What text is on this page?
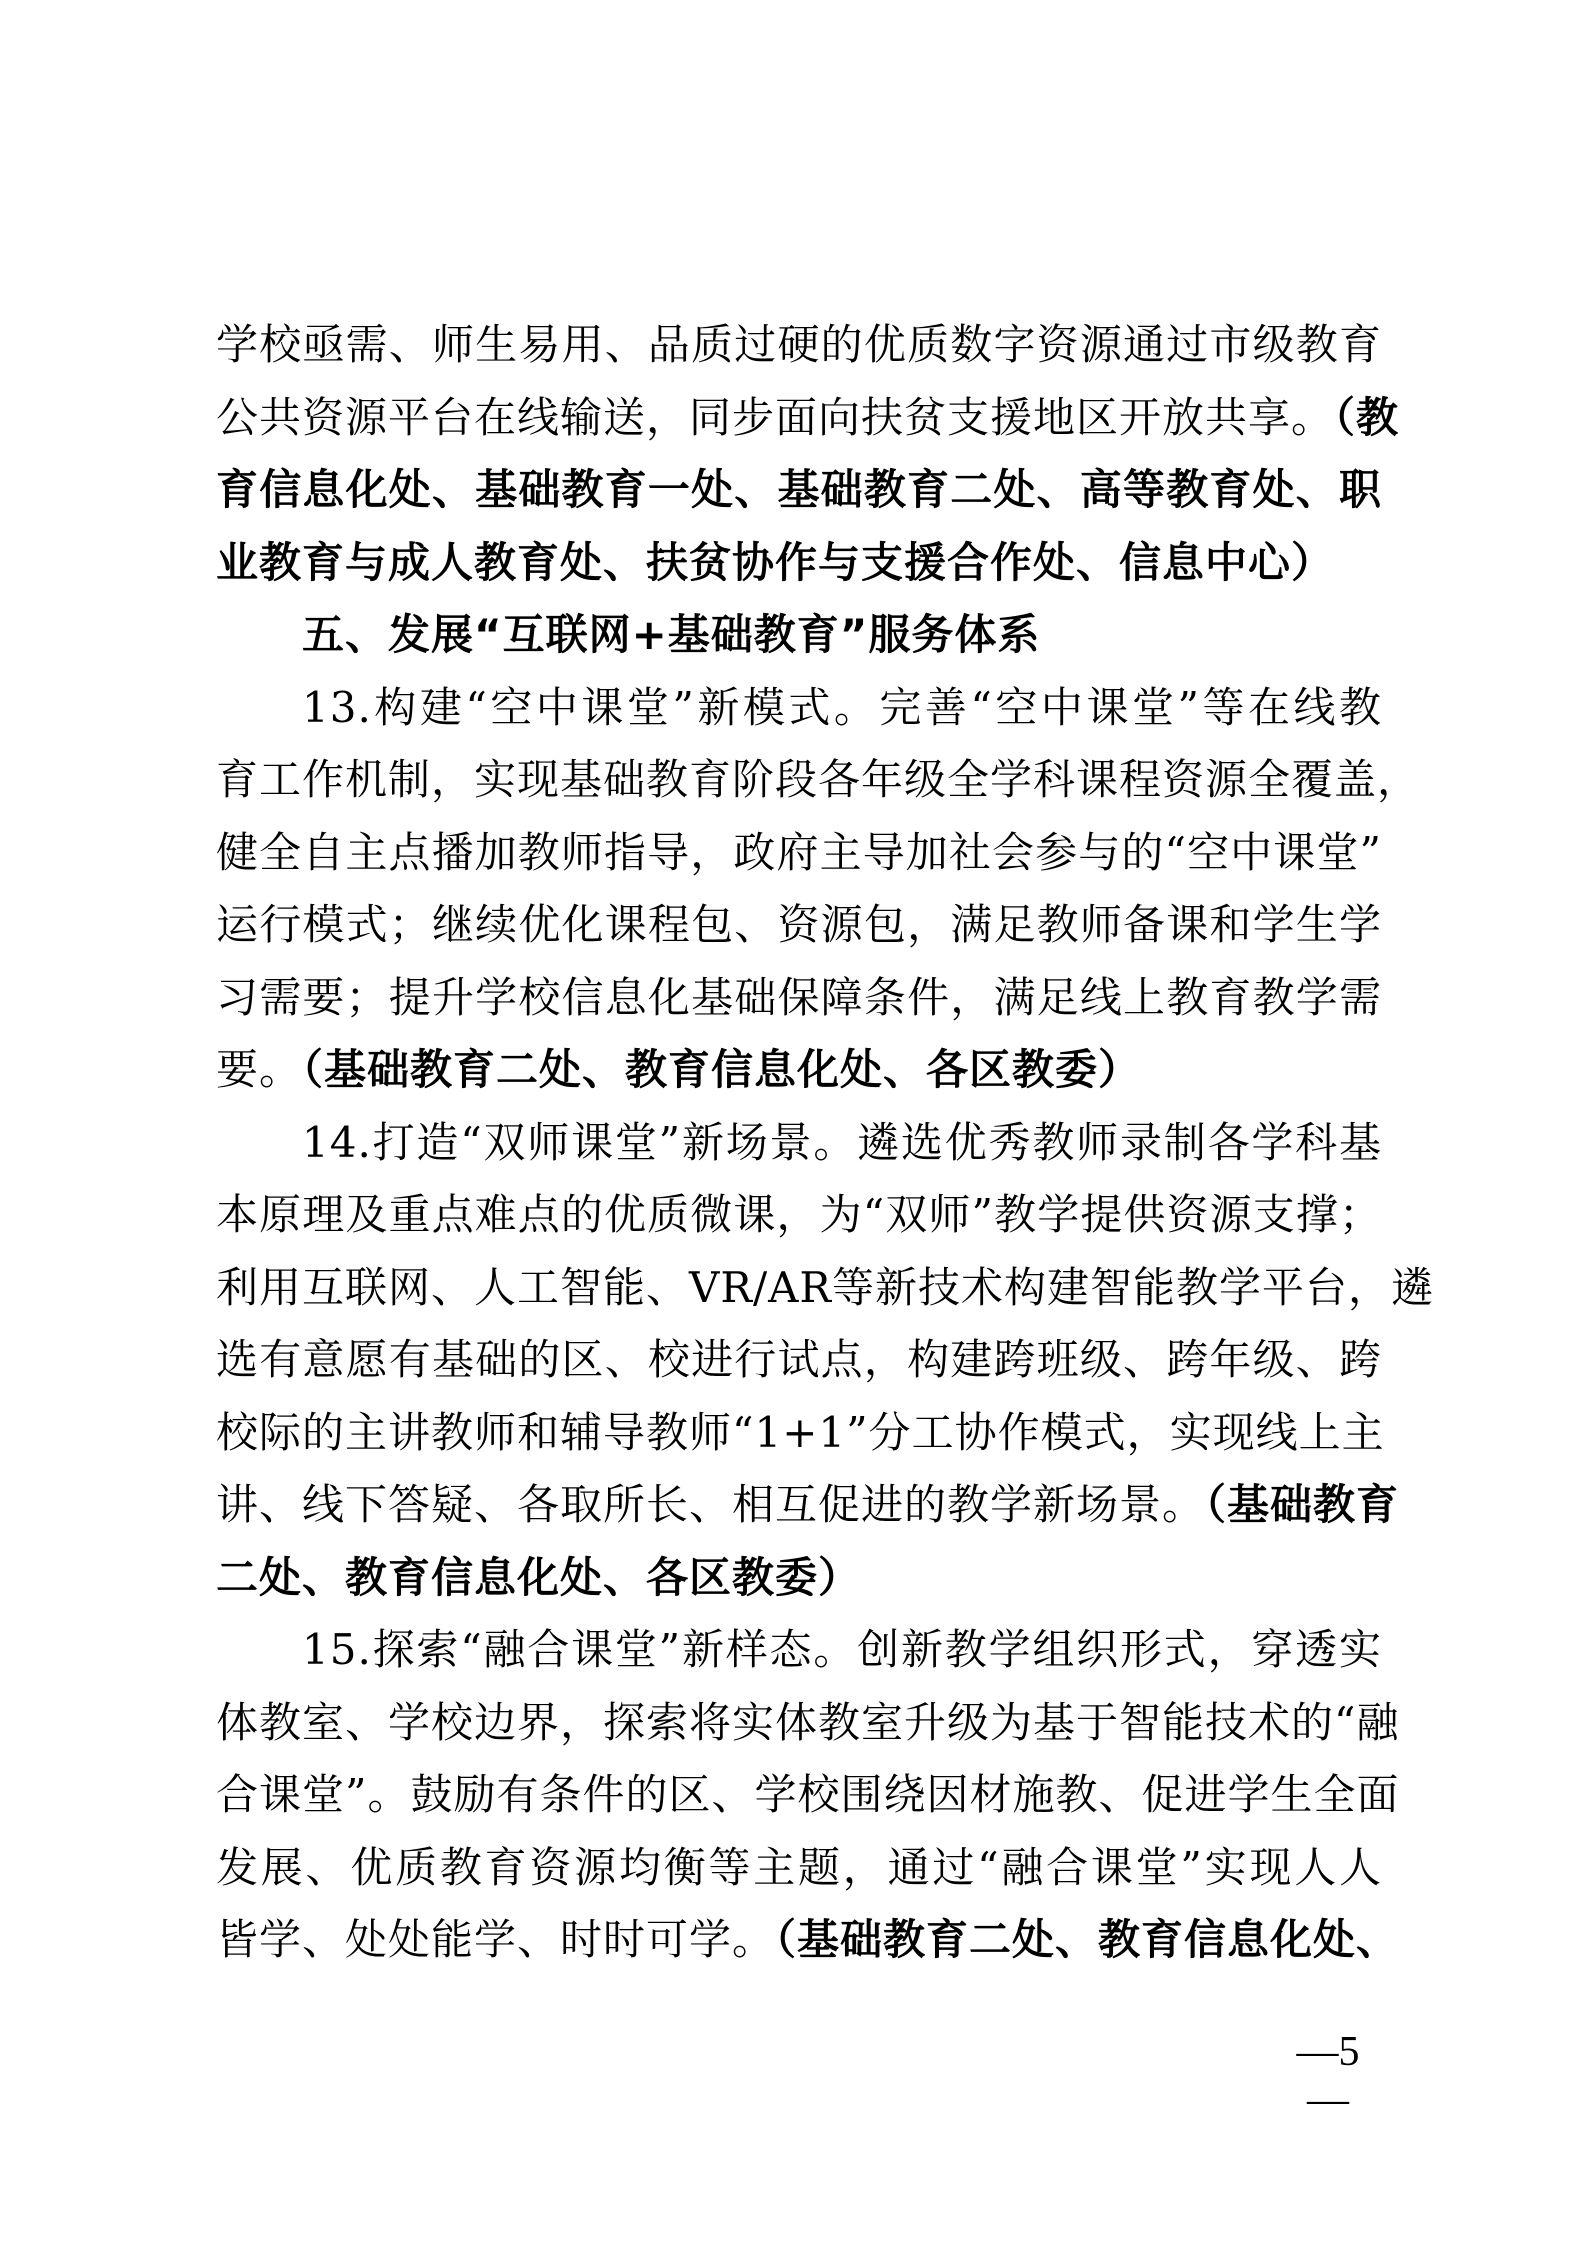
学校亟需、师生易用、品质过硬的优质数字资源通过市级教育
公共资源平台在线输送，同步面向扶贫支援地区开放共享。（教
育信息化处、基础教育一处、基础教育二处、高等教育处、职
业教育与成人教育处、扶贫协作与支援合作处、信息中心）
五、发展“互联网+基础教育”服务体系
13.构建“空中课堂”新模式。完善“空中课堂”等在线教
育工作机制，实现基础教育阶段各年级全学科课程资源全覆盖，
健全自主点播加教师指导，政府主导加社会参与的“空中课堂”
运行模式；继续优化课程包、资源包，满足教师备课和学生学
习需要；提升学校信息化基础保障条件，满足线上教育教学需
要。（基础教育二处、教育信息化处、各区教委）
14.打造“双师课堂”新场景。遴选优秀教师录制各学科基
本原理及重点难点的优质微课，为“双师”教学提供资源支撑；
利用互联网、人工智能、VR/AR等新技术构建智能教学平台，遴
选有意愿有基础的区、校进行试点，构建跨班级、跨年级、跨
校际的主讲教师和辅导教师“1+1”分工协作模式，实现线上主
讲、线下答疑、各取所长、相互促进的教学新场景。（基础教育
二处、教育信息化处、各区教委）
15.探索“融合课堂”新样态。创新教学组织形式，穿透实
体教室、学校边界，探索将实体教室升级为基于智能技术的“融
合课堂”。鼓励有条件的区、学校围绕因材施教、促进学生全面
发展、优质教育资源均衡等主题，通过“融合课堂”实现人人
皆学、处处能学、时时可学。（基础教育二处、教育信息化处、
—5—
